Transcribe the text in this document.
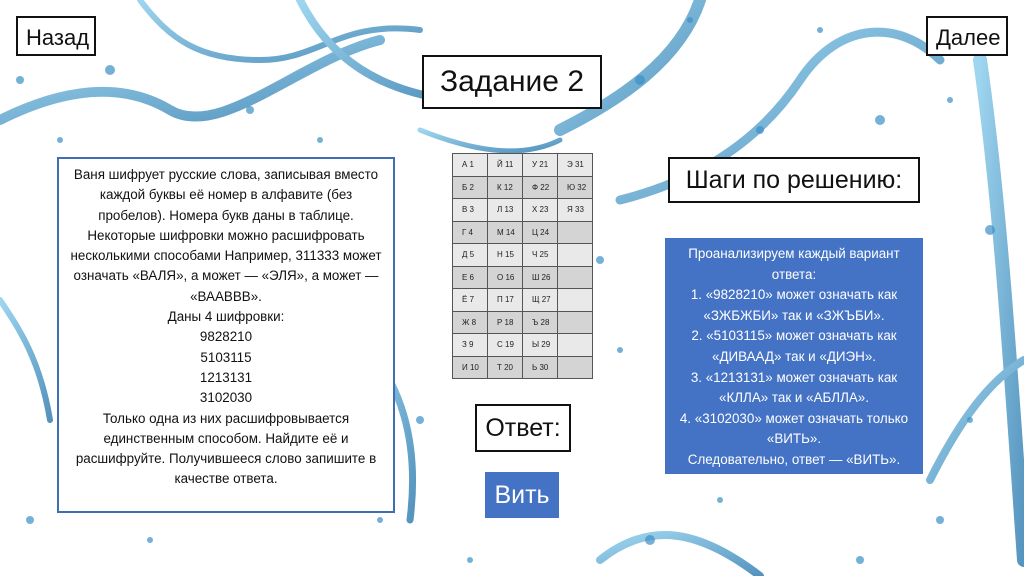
Назад	Далее
Задание 2

Ваня шифрует русские слова, записывая вместо каждой буквы её номер в алфавите (без пробелов). Номера букв даны в таблице.

Некоторые шифровки можно расшифровать несколькими способами Например, 311333 может означать «ВАЛЯ», а может — «ЭЛЯ», а может — «ВААВВВ».

Даны 4 шифровки:

9828210

5103115

1213131

3102030

Только одна из них расшифровывается единственным способом. Найдите её и расшифруйте. Получившееся слово запишите в качестве ответа.

А 1	Й 11	У 21	Э 31
Б 2	К 12	Ф 22	Ю 32
В 3	Л 13	Х 23	Я 33
Г 4	М 14	Ц 24	
Д 5	Н 15	Ч 25	
Е 6	О 16	Ш 26	
Ё 7	П 17	Щ 27	
Ж 8	Р 18	Ъ 28	
З 9	С 19	Ы 29	
И 10	Т 20	Ь 30	
Шаги по решению:

Проанализируем каждый вариант ответа:

1. «9828210» может означать как «ЗЖБЖБИ» так и «ЗЖЪБИ».

2. «5103115» может означать как «ДИВААД» так и «ДИЭН».

3. «1213131» может означать как «КЛЛА» так и «АБЛЛА».

4. «3102030» может означать только «ВИТЬ».

Следовательно, ответ — «ВИТЬ».

Ответ:
Вить
